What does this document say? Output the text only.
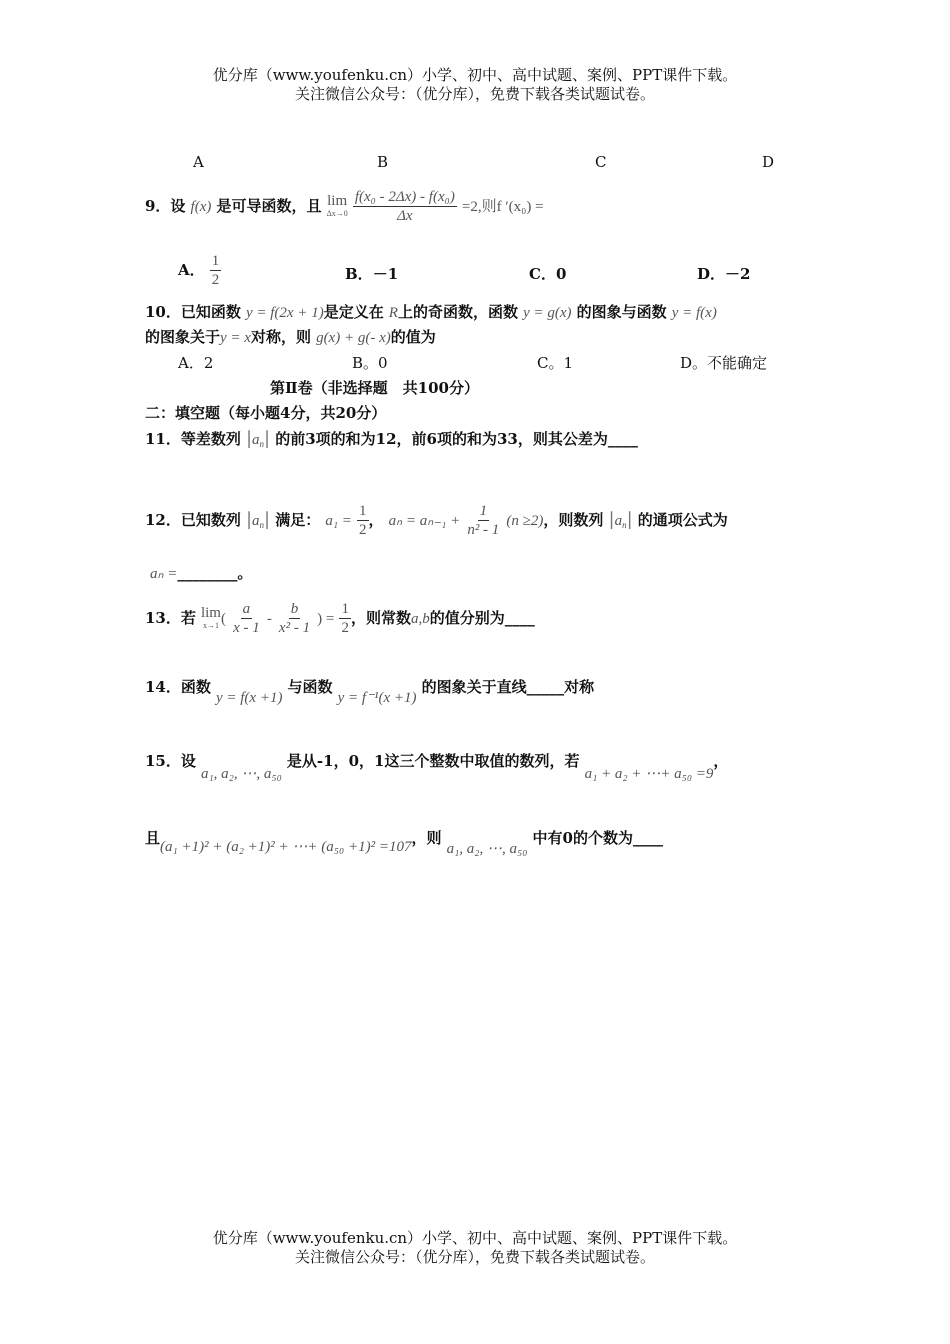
优分库（www.youfenku.cn）小学、初中、高中试题、案例、PPT课件下载。
关注微信公众号：（优分库），免费下载各类试题试卷。
A	B	C	D
9．设 f(x) 是可导函数，且 lim
Δx→0
$\frac{\text{f(x₀ - 2Δx) - f(x₀)}}{\Delta x} =2$,则f ′(x₀) =
A． $\frac{1}{2}$	B．－1	C．0	D．－2
10．已知函数 y = f(2x + 1)是定义在 R上的奇函数，函数 y = g(x) 的图象与函数 y = f(x)
的图象关于y = x对称，则 g(x) + g(- x)的值为
A．2	B。0	C。1	D。不能确定
第Ⅱ卷（非选择题　共100分）
二：填空题（每小题4分，共20分）
11．等差数列 $|a_n|$ 的前3项的和为12，前6项的和为33，则其公差为____
12．已知数列 $|a_n|$ 满足： $a_1 = \frac{1}{2}$ ， $a_n = a_{n-1} + \frac{1}{\text{n² - 1}} (n \ge 2)$，则数列 $|a_n|$ 的通项公式为
aₙ =________。
13．若 lim
x→1 ( $\frac{a}{x - 1} - \frac{b}{\text{x² - 1}}$ ) = $\frac{1}{2}$ ，则常数a,b的值分别为____
14．函数 y = f(x +1) 与函数 y = f⁻¹(x +1) 的图象关于直线_____对称
15．设 a₁, a₂, ⋯, a₅₀ 是从-1，0，1这三个整数中取值的数列，若 a₁ + a₂ + ⋯+ a₅₀ =9，
且(a₁ +1)² + (a₂ +1)² + ⋯+ (a₅₀ +1)² =107，则 a₁, a₂, ⋯, a₅₀ 中有0的个数为____
优分库（www.youfenku.cn）小学、初中、高中试题、案例、PPT课件下载。
关注微信公众号：（优分库），免费下载各类试题试卷。
